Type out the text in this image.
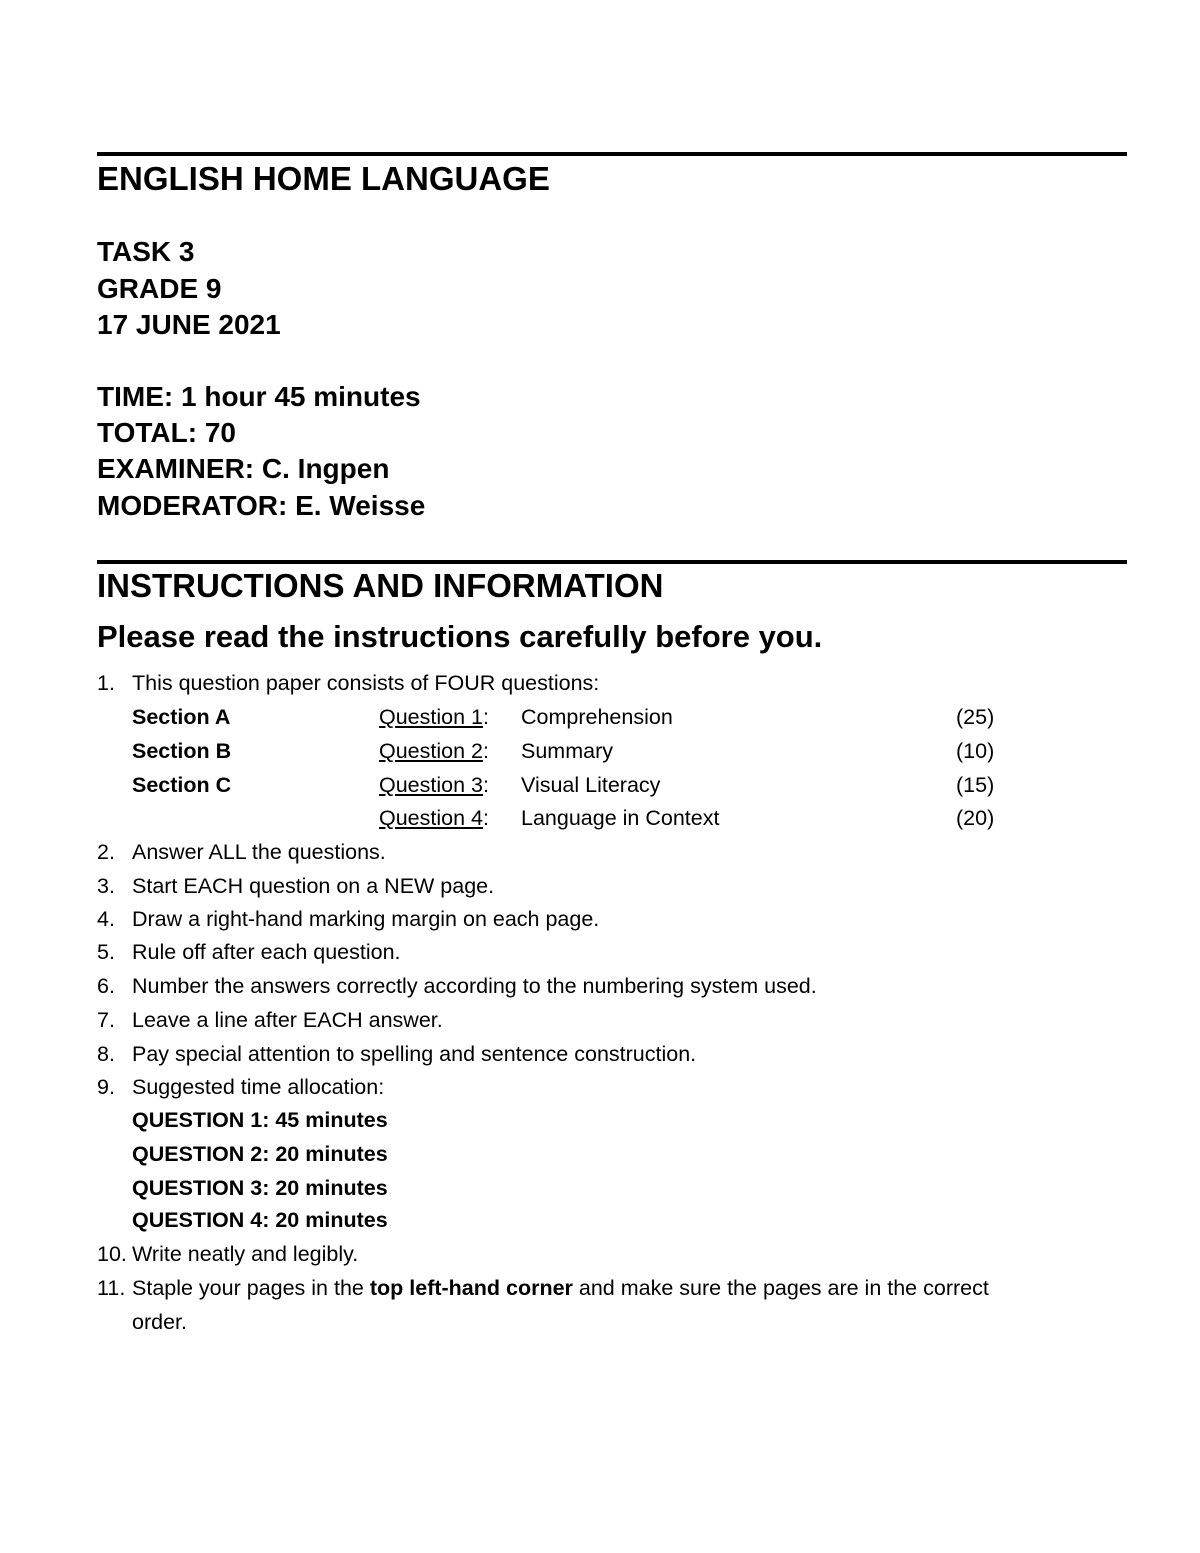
ENGLISH HOME LANGUAGE
TASK 3
GRADE 9
17 JUNE 2021
TIME: 1 hour 45 minutes
TOTAL: 70
EXAMINER: C. Ingpen
MODERATOR: E. Weisse
INSTRUCTIONS AND INFORMATION
Please read the instructions carefully before you.
1. This question paper consists of FOUR questions:
Section A	Question 1: Comprehension	(25)
Section B	Question 2: Summary	(10)
Section C	Question 3: Visual Literacy	(15)
Question 4: Language in Context	(20)
2. Answer ALL the questions.
3. Start EACH question on a NEW page.
4. Draw a right-hand marking margin on each page.
5. Rule off after each question.
6. Number the answers correctly according to the numbering system used.
7. Leave a line after EACH answer.
8. Pay special attention to spelling and sentence construction.
9. Suggested time allocation:
QUESTION 1: 45 minutes
QUESTION 2: 20 minutes
QUESTION 3: 20 minutes
QUESTION 4: 20 minutes
10. Write neatly and legibly.
11. Staple your pages in the top left-hand corner and make sure the pages are in the correct
order.
